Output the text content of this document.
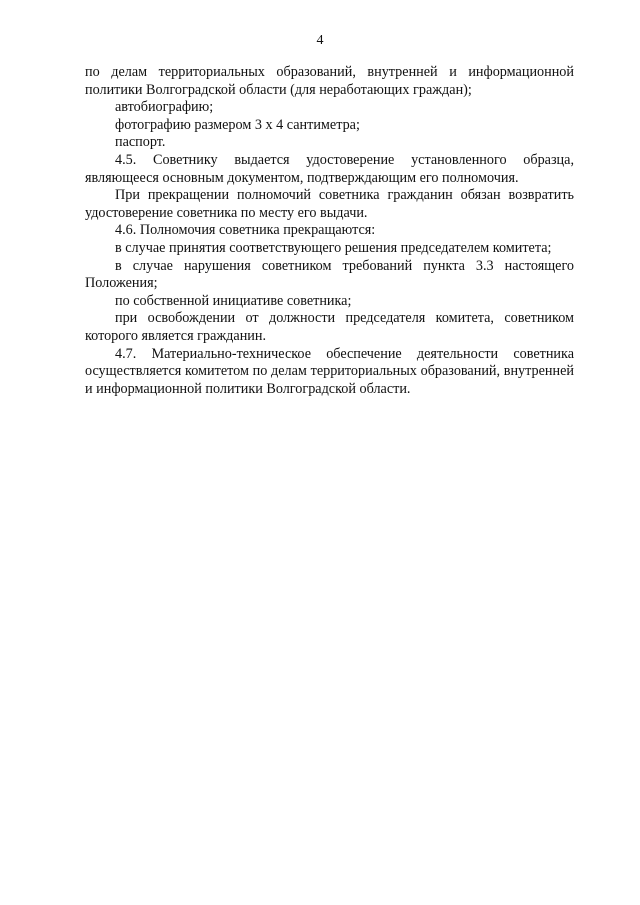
4

по делам территориальных образований, внутренней и информационной политики Волгоградской области (для неработающих граждан);

автобиографию;

фотографию размером 3 х 4 сантиметра;

паспорт.

4.5. Советнику выдается удостоверение установленного образца, являющееся основным документом, подтверждающим его полномочия.

При прекращении полномочий советника гражданин обязан возвратить удостоверение советника по месту его выдачи.

4.6. Полномочия советника прекращаются:

в случае принятия соответствующего решения председателем комитета;

в случае нарушения советником требований пункта 3.3 настоящего Положения;

по собственной инициативе советника;

при освобождении от должности председателя комитета, советником которого является гражданин.

4.7. Материально-техническое обеспечение деятельности советника осуществляется комитетом по делам территориальных образований, внутренней и информационной политики Волгоградской области.
